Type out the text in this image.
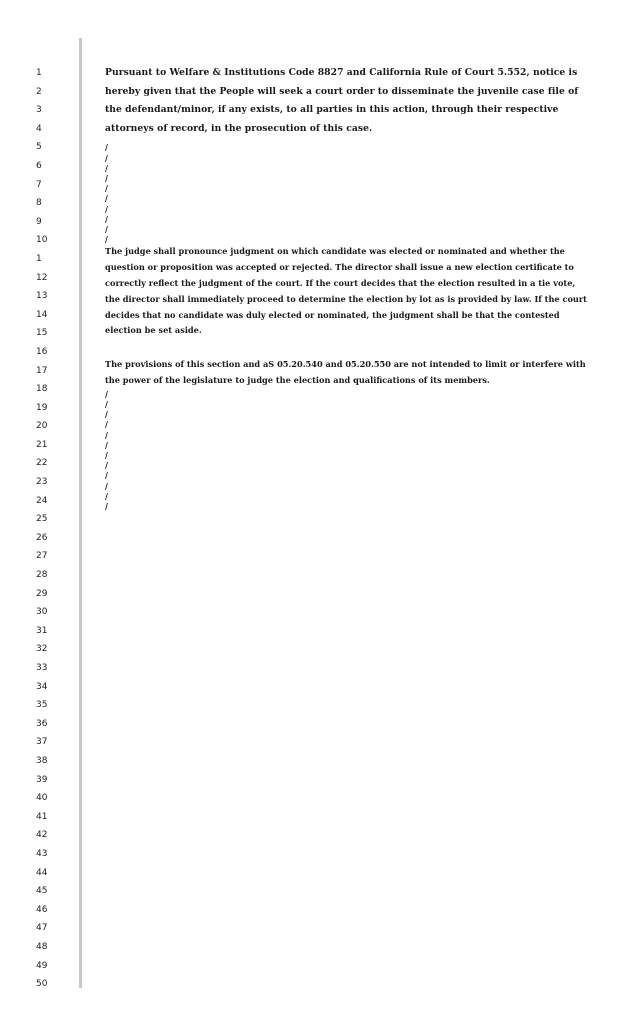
1
2
3
4
5
6
7
8
9
10
1
12
13
14
15
16
17
18
19
20
21
22
23
24
25
26
27
28
29
30
31
32
33
34
35
36
37
38
39
40
41
42
43
44
45
46
47
48
49
50

Pursuant to Welfare & Institutions Code 8827 and California Rule of Court 5.552, notice is hereby given that the People will seek a court order to disseminate the juvenile case file of the defendant/minor, if any exists, to all parties in this action, through their respective attorneys of record, in the prosecution of this case.

/
/
/
/
/
/
/
/
/
/

The judge shall pronounce judgment on which candidate was elected or nominated and whether the question or proposition was accepted or rejected. The director shall issue a new election certificate to correctly reflect the judgment of the court. If the court decides that the election resulted in a tie vote, the director shall immediately proceed to determine the election by lot as is provided by law. If the court decides that no candidate was duly elected or nominated, the judgment shall be that the contested election be set aside.

The provisions of this section and aS 05.20.540 and 05.20.550 are not intended to limit or interfere with the power of the legislature to judge the election and qualifications of its members.

/
/
/
/
/
/
/
/
/
/
/
/
